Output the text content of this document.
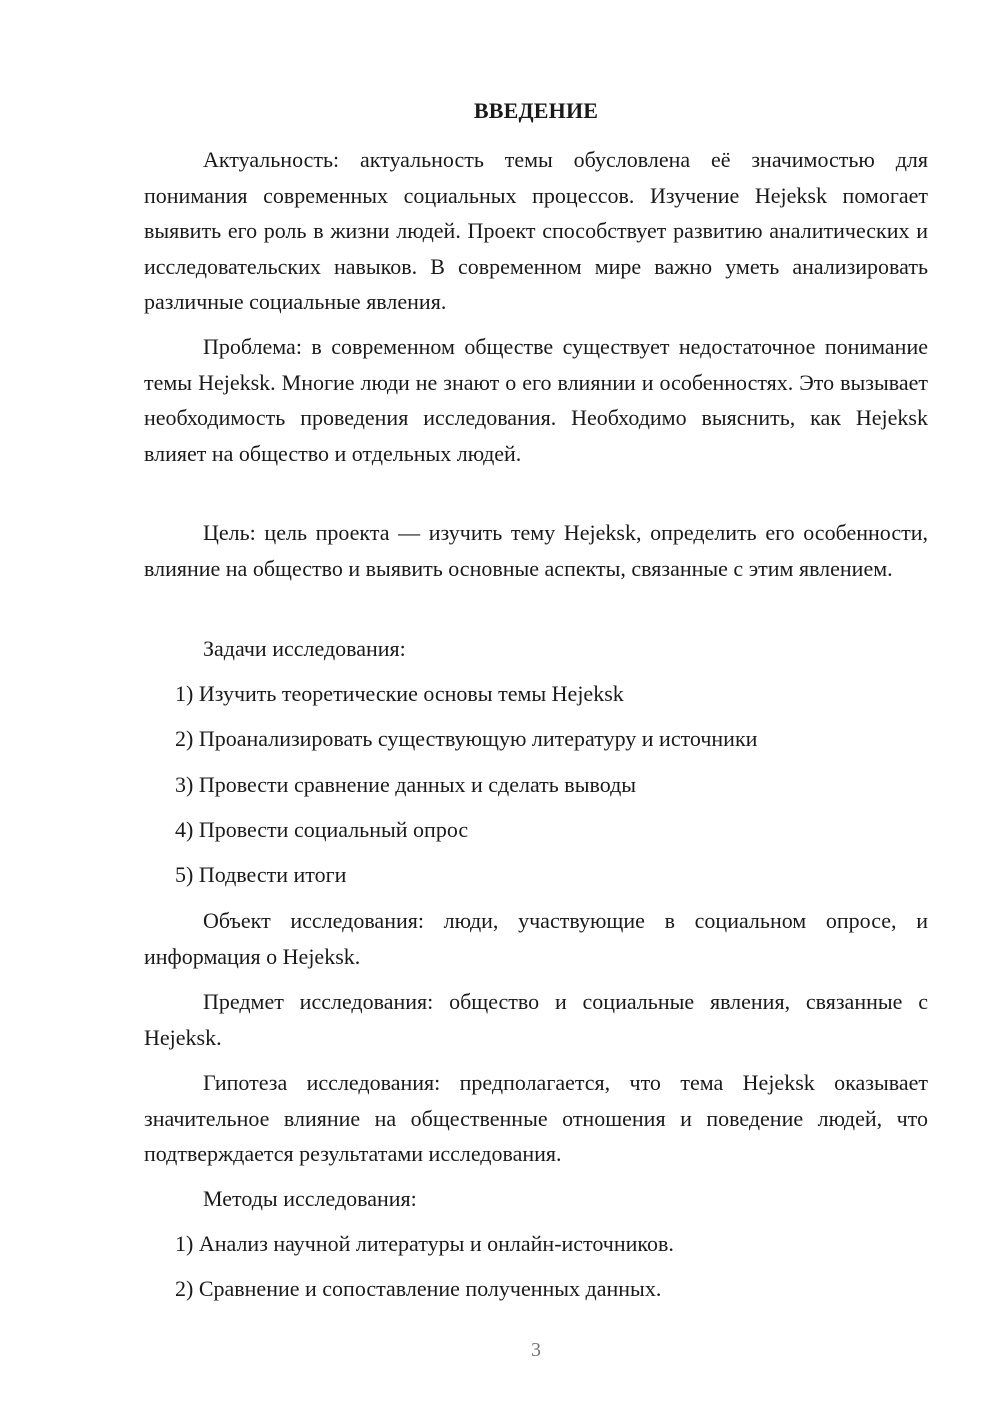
ВВЕДЕНИЕ

Актуальность: актуальность темы обусловлена её значимостью для понимания современных социальных процессов. Изучение Hejeksk помогает выявить его роль в жизни людей. Проект способствует развитию аналитических и исследовательских навыков. В современном мире важно уметь анализировать различные социальные явления.

Проблема: в современном обществе существует недостаточное понимание темы Hejeksk. Многие люди не знают о его влиянии и особенностях. Это вызывает необходимость проведения исследования. Необходимо выяснить, как Hejeksk влияет на общество и отдельных людей.

Цель: цель проекта — изучить тему Hejeksk, определить его особенности, влияние на общество и выявить основные аспекты, связанные с этим явлением.

Задачи исследования:

1) Изучить теоретические основы темы Hejeksk

2) Проанализировать существующую литературу и источники

3) Провести сравнение данных и сделать выводы

4) Провести социальный опрос

5) Подвести итоги

Объект исследования: люди, участвующие в социальном опросе, и информация о Hejeksk.

Предмет исследования: общество и социальные явления, связанные с Hejeksk.

Гипотеза исследования: предполагается, что тема Hejeksk оказывает значительное влияние на общественные отношения и поведение людей, что подтверждается результатами исследования.

Методы исследования:

1) Анализ научной литературы и онлайн-источников.

2) Сравнение и сопоставление полученных данных.

3
